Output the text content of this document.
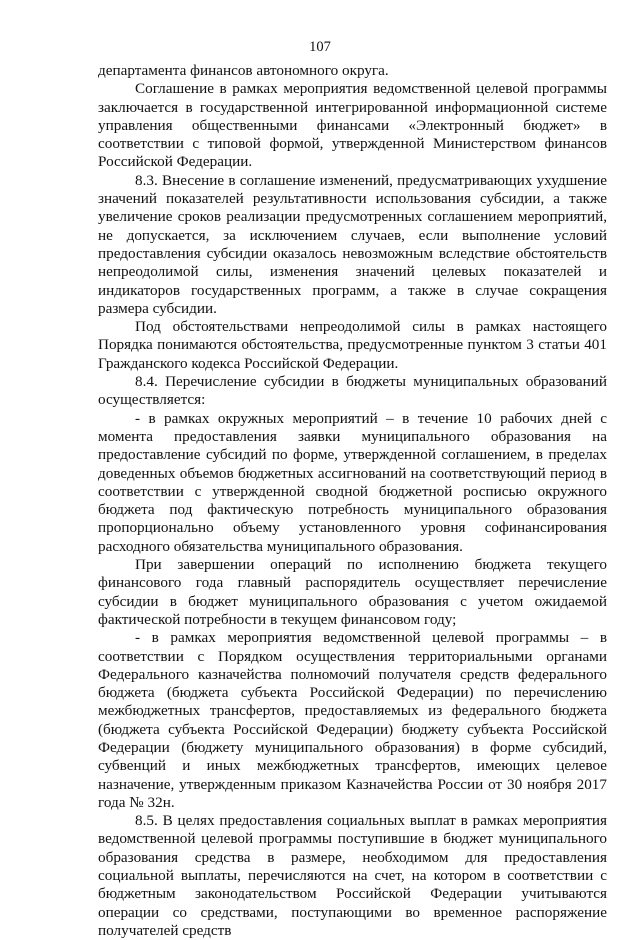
107

департамента финансов автономного округа.

Соглашение в рамках мероприятия ведомственной целевой программы заключается в государственной интегрированной информационной системе управления общественными финансами «Электронный бюджет» в соответствии с типовой формой, утвержденной Министерством финансов Российской Федерации.

8.3. Внесение в соглашение изменений, предусматривающих ухудшение значений показателей результативности использования субсидии, а также увеличение сроков реализации предусмотренных соглашением мероприятий, не допускается, за исключением случаев, если выполнение условий предоставления субсидии оказалось невозможным вследствие обстоятельств непреодолимой силы, изменения значений целевых показателей и индикаторов государственных программ, а также в случае сокращения размера субсидии.

Под обстоятельствами непреодолимой силы в рамках настоящего Порядка понимаются обстоятельства, предусмотренные пунктом 3 статьи 401 Гражданского кодекса Российской Федерации.

8.4. Перечисление субсидии в бюджеты муниципальных образований осуществляется:

- в рамках окружных мероприятий – в течение 10 рабочих дней с момента предоставления заявки муниципального образования на предоставление субсидий по форме, утвержденной соглашением, в пределах доведенных объемов бюджетных ассигнований на соответствующий период в соответствии с утвержденной сводной бюджетной росписью окружного бюджета под фактическую потребность муниципального образования пропорционально объему установленного уровня софинансирования расходного обязательства муниципального образования.

При завершении операций по исполнению бюджета текущего финансового года главный распорядитель осуществляет перечисление субсидии в бюджет муниципального образования с учетом ожидаемой фактической потребности в текущем финансовом году;

- в рамках мероприятия ведомственной целевой программы – в соответствии с Порядком осуществления территориальными органами Федерального казначейства полномочий получателя средств федерального бюджета (бюджета субъекта Российской Федерации) по перечислению межбюджетных трансфертов, предоставляемых из федерального бюджета (бюджета субъекта Российской Федерации) бюджету субъекта Российской Федерации (бюджету муниципального образования) в форме субсидий, субвенций и иных межбюджетных трансфертов, имеющих целевое назначение, утвержденным приказом Казначейства России от 30 ноября 2017 года № 32н.

8.5. В целях предоставления социальных выплат в рамках мероприятия ведомственной целевой программы поступившие в бюджет муниципального образования средства в размере, необходимом для предоставления социальной выплаты, перечисляются на счет, на котором в соответствии с бюджетным законодательством Российской Федерации учитываются операции со средствами, поступающими во временное распоряжение получателей средств
